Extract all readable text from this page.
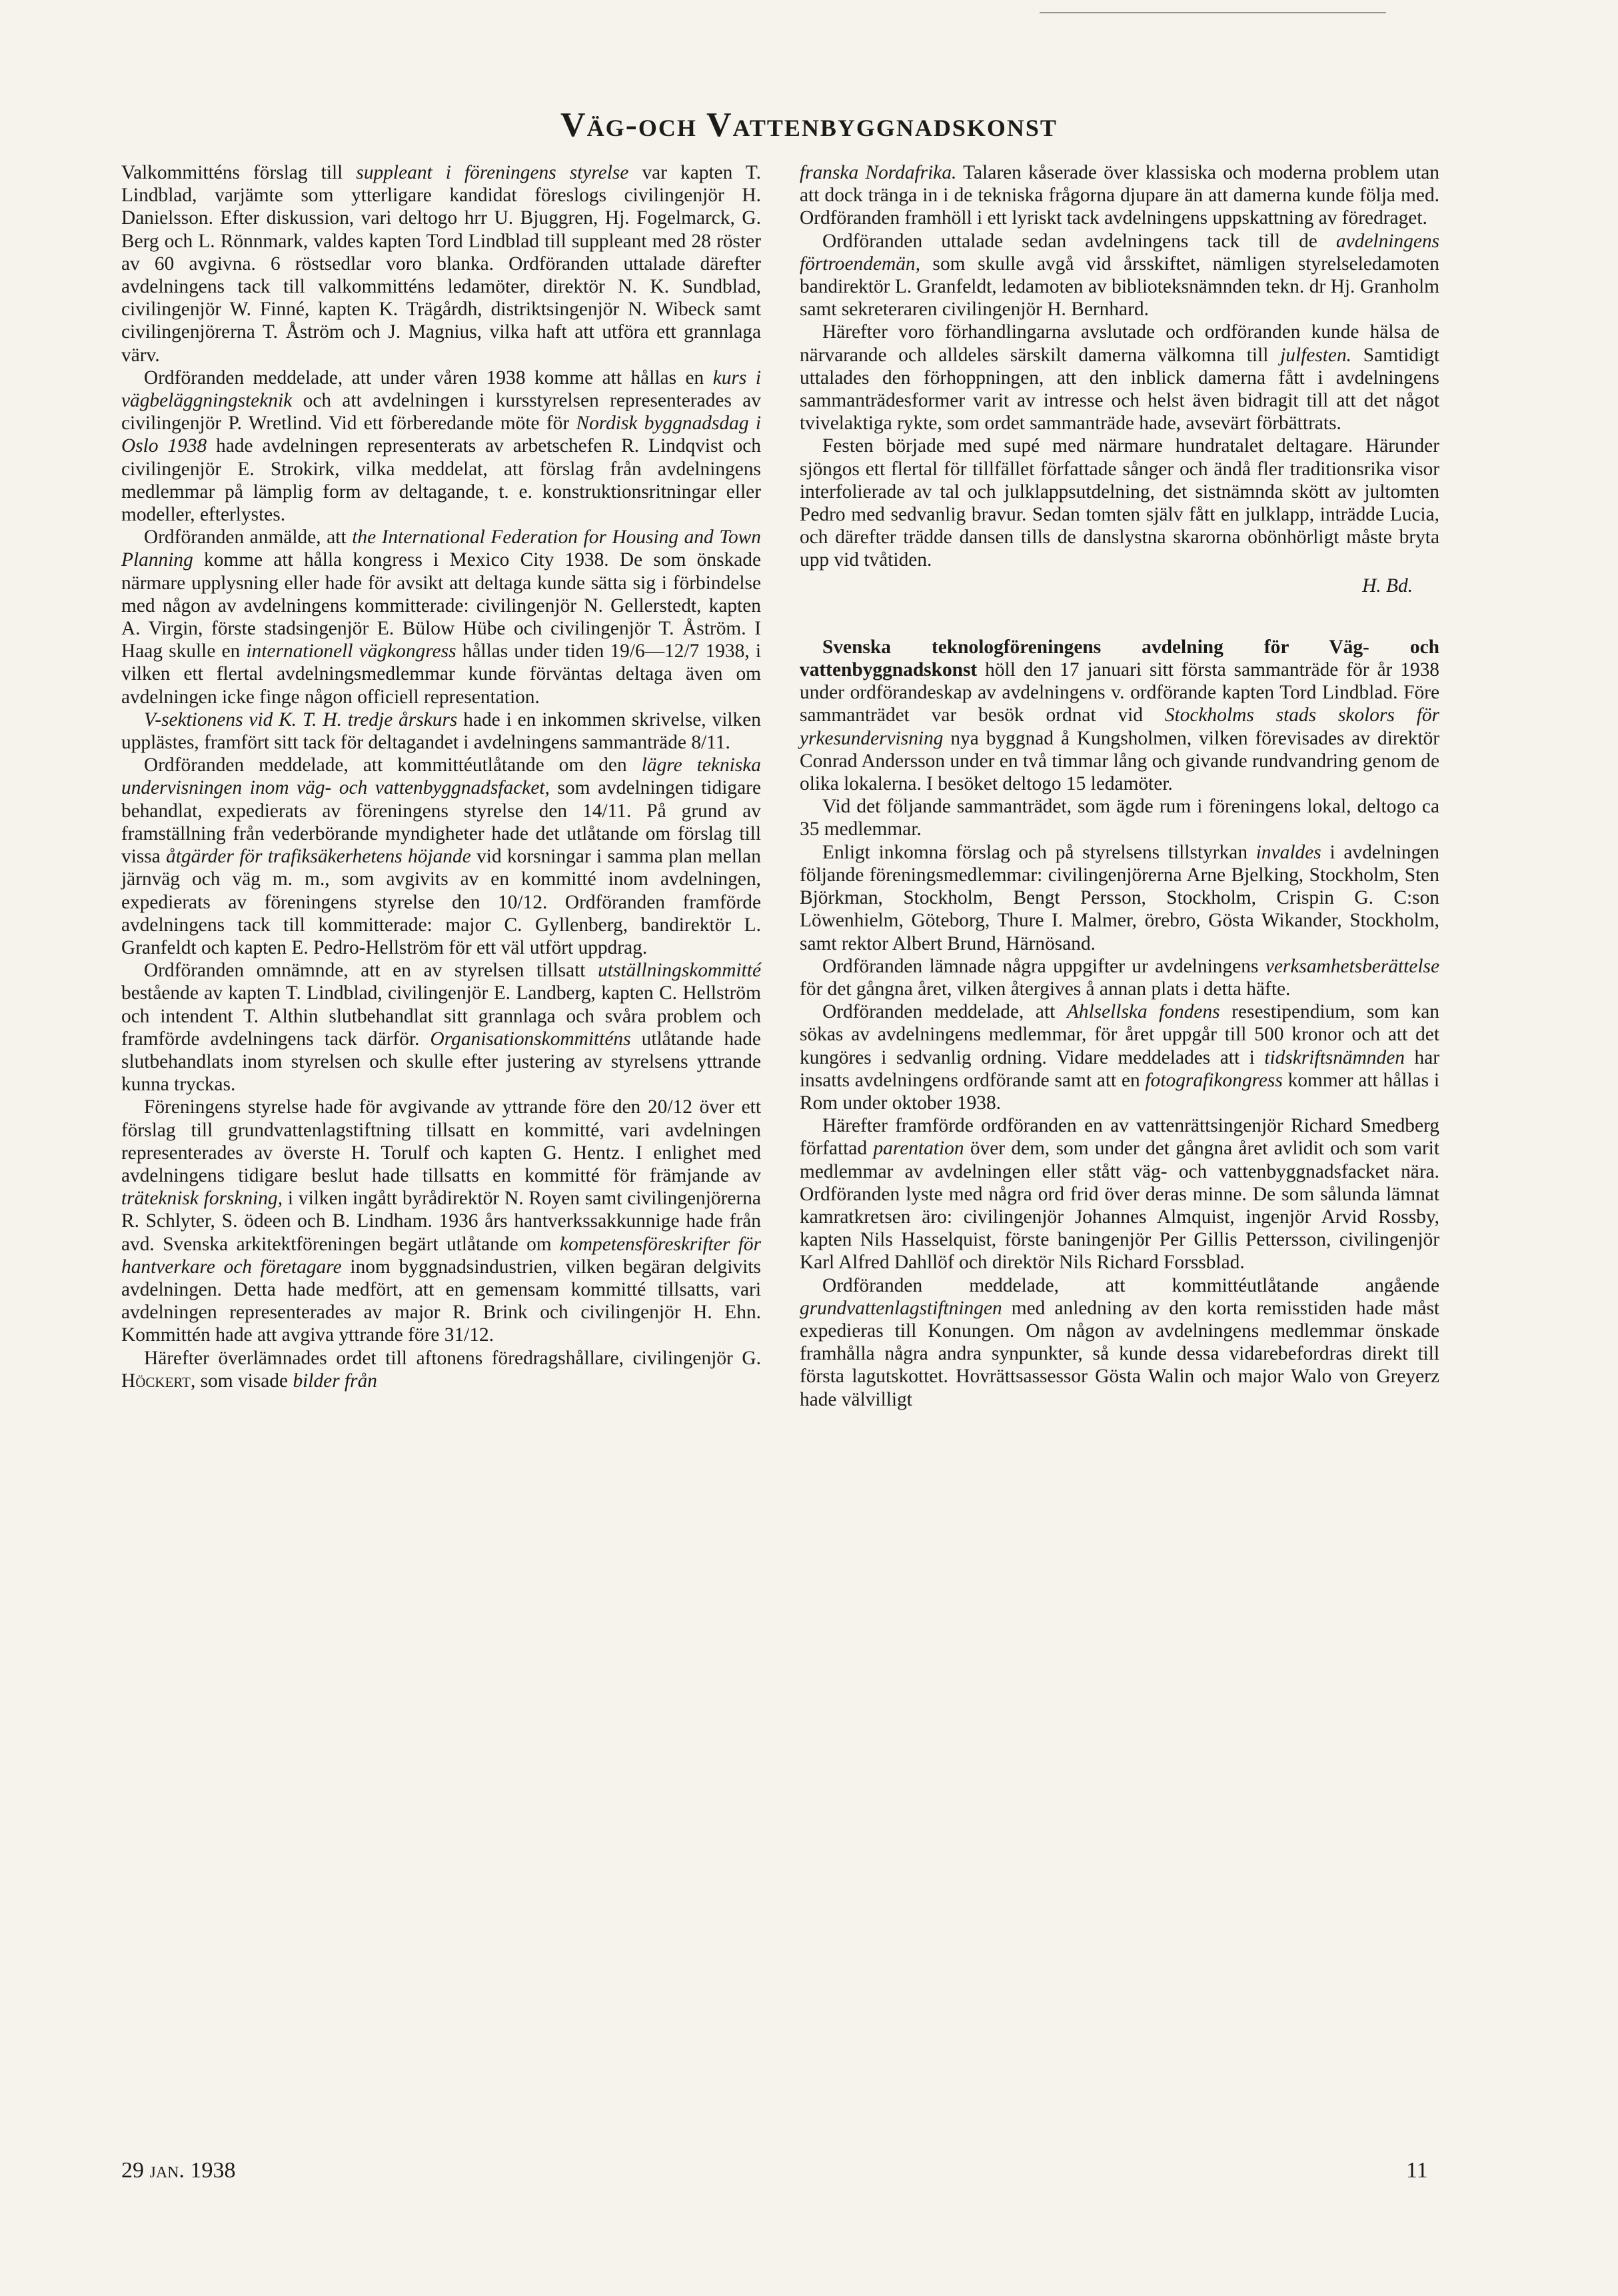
Väg-och Vattenbyggnadskonst

Valkommitténs förslag till suppleant i föreningens styrelse var kapten T. Lindblad, varjämte som ytterligare kandidat föreslogs civilingenjör H. Danielsson. Efter diskussion, vari deltogo hrr U. Bjuggren, Hj. Fogelmarck, G. Berg och L. Rönnmark, valdes kapten Tord Lindblad till suppleant med 28 röster av 60 avgivna. 6 röstsedlar voro blanka. Ordföranden uttalade därefter avdelningens tack till valkommitténs ledamöter, direktör N. K. Sundblad, civilingenjör W. Finné, kapten K. Trägårdh, distriktsingenjör N. Wibeck samt civilingenjörerna T. Åström och J. Magnius, vilka haft att utföra ett grannlaga värv.

Ordföranden meddelade, att under våren 1938 komme att hållas en kurs i vägbeläggningsteknik och att avdelningen i kursstyrelsen representerades av civilingenjör P. Wretlind. Vid ett förberedande möte för Nordisk byggnadsdag i Oslo 1938 hade avdelningen representerats av arbetschefen R. Lindqvist och civilingenjör E. Strokirk, vilka meddelat, att förslag från avdelningens medlemmar på lämplig form av deltagande, t. e. konstruktionsritningar eller modeller, efterlystes.

Ordföranden anmälde, att the International Federation for Housing and Town Planning komme att hålla kongress i Mexico City 1938. De som önskade närmare upplysning eller hade för avsikt att deltaga kunde sätta sig i förbindelse med någon av avdelningens kommitterade: civilingenjör N. Gellerstedt, kapten A. Virgin, förste stadsingenjör E. Bülow Hübe och civilingenjör T. Åström. I Haag skulle en internationell vägkongress hållas under tiden 19/6—12/7 1938, i vilken ett flertal avdelningsmedlemmar kunde förväntas deltaga även om avdelningen icke finge någon officiell representation.

V-sektionens vid K. T. H. tredje årskurs hade i en inkommen skrivelse, vilken upplästes, framfört sitt tack för deltagandet i avdelningens sammanträde 8/11.

Ordföranden meddelade, att kommittéutlåtande om den lägre tekniska undervisningen inom väg- och vattenbyggnadsfacket, som avdelningen tidigare behandlat, expedierats av föreningens styrelse den 14/11. På grund av framställning från vederbörande myndigheter hade det utlåtande om förslag till vissa åtgärder för trafiksäkerhetens höjande vid korsningar i samma plan mellan järnväg och väg m. m., som avgivits av en kommitté inom avdelningen, expedierats av föreningens styrelse den 10/12. Ordföranden framförde avdelningens tack till kommitterade: major C. Gyllenberg, bandirektör L. Granfeldt och kapten E. Pedro-Hellström för ett väl utfört uppdrag.

Ordföranden omnämnde, att en av styrelsen tillsatt utställningskommitté bestående av kapten T. Lindblad, civilingenjör E. Landberg, kapten C. Hellström och intendent T. Althin slutbehandlat sitt grannlaga och svåra problem och framförde avdelningens tack därför. Organisationskommitténs utlåtande hade slutbehandlats inom styrelsen och skulle efter justering av styrelsens yttrande kunna tryckas.

Föreningens styrelse hade för avgivande av yttrande före den 20/12 över ett förslag till grundvattenlagstiftning tillsatt en kommitté, vari avdelningen representerades av överste H. Torulf och kapten G. Hentz. I enlighet med avdelningens tidigare beslut hade tillsatts en kommitté för främjande av träteknisk forskning, i vilken ingått byrådirektör N. Royen samt civilingenjörerna R. Schlyter, S. ödeen och B. Lindham. 1936 års hantverkssakkunnige hade från avd. Svenska arkitektföreningen begärt utlåtande om kompetensföreskrifter för hantverkare och företagare inom byggnadsindustrien, vilken begäran delgivits avdelningen. Detta hade medfört, att en gemensam kommitté tillsatts, vari avdelningen representerades av major R. Brink och civilingenjör H. Ehn. Kommittén hade att avgiva yttrande före 31/12.

Härefter överlämnades ordet till aftonens föredragshållare, civilingenjör G. Höckert, som visade bilder från

franska Nordafrika. Talaren kåserade över klassiska och moderna problem utan att dock tränga in i de tekniska frågorna djupare än att damerna kunde följa med. Ordföranden framhöll i ett lyriskt tack avdelningens uppskattning av föredraget.

Ordföranden uttalade sedan avdelningens tack till de avdelningens förtroendemän, som skulle avgå vid årsskiftet, nämligen styrelseledamoten bandirektör L. Granfeldt, ledamoten av biblioteksnämnden tekn. dr Hj. Granholm samt sekreteraren civilingenjör H. Bernhard.

Härefter voro förhandlingarna avslutade och ordföranden kunde hälsa de närvarande och alldeles särskilt damerna välkomna till julfesten. Samtidigt uttalades den förhoppningen, att den inblick damerna fått i avdelningens sammanträdesformer varit av intresse och helst även bidragit till att det något tvivelaktiga rykte, som ordet sammanträde hade, avsevärt förbättrats.

Festen började med supé med närmare hundratalet deltagare. Härunder sjöngos ett flertal för tillfället författade sånger och ändå fler traditionsrika visor interfolierade av tal och julklappsutdelning, det sistnämnda skött av jultomten Pedro med sedvanlig bravur. Sedan tomten själv fått en julklapp, inträdde Lucia, och därefter trädde dansen tills de danslystna skarorna obönhörligt måste bryta upp vid tvåtiden.

H. Bd.

Svenska teknologföreningens avdelning för Väg- och vattenbyggnadskonst höll den 17 januari sitt första sammanträde för år 1938 under ordförandeskap av avdelningens v. ordförande kapten Tord Lindblad. Före sammanträdet var besök ordnat vid Stockholms stads skolors för yrkesundervisning nya byggnad å Kungsholmen, vilken förevisades av direktör Conrad Andersson under en två timmar lång och givande rundvandring genom de olika lokalerna. I besöket deltogo 15 ledamöter.

Vid det följande sammanträdet, som ägde rum i föreningens lokal, deltogo ca 35 medlemmar.

Enligt inkomna förslag och på styrelsens tillstyrkan invaldes i avdelningen följande föreningsmedlemmar: civilingenjörerna Arne Bjelking, Stockholm, Sten Björkman, Stockholm, Bengt Persson, Stockholm, Crispin G. C:son Löwenhielm, Göteborg, Thure I. Malmer, örebro, Gösta Wikander, Stockholm, samt rektor Albert Brund, Härnösand.

Ordföranden lämnade några uppgifter ur avdelningens verksamhetsberättelse för det gångna året, vilken återgives å annan plats i detta häfte.

Ordföranden meddelade, att Ahlsellska fondens resestipendium, som kan sökas av avdelningens medlemmar, för året uppgår till 500 kronor och att det kungöres i sedvanlig ordning. Vidare meddelades att i tidskriftsnämnden har insatts avdelningens ordförande samt att en fotografikongress kommer att hållas i Rom under oktober 1938.

Härefter framförde ordföranden en av vattenrättsingenjör Richard Smedberg författad parentation över dem, som under det gångna året avlidit och som varit medlemmar av avdelningen eller stått väg- och vattenbyggnadsfacket nära. Ordföranden lyste med några ord frid över deras minne. De som sålunda lämnat kamratkretsen äro: civilingenjör Johannes Almquist, ingenjör Arvid Rossby, kapten Nils Hasselquist, förste baningenjör Per Gillis Pettersson, civilingenjör Karl Alfred Dahllöf och direktör Nils Richard Forssblad.

Ordföranden meddelade, att kommittéutlåtande angående grundvattenlagstiftningen med anledning av den korta remisstiden hade måst expedieras till Konungen. Om någon av avdelningens medlemmar önskade framhålla några andra synpunkter, så kunde dessa vidarebefordras direkt till första lagutskottet. Hovrättsassessor Gösta Walin och major Walo von Greyerz hade välvilligt

29 jan. 1938	11
